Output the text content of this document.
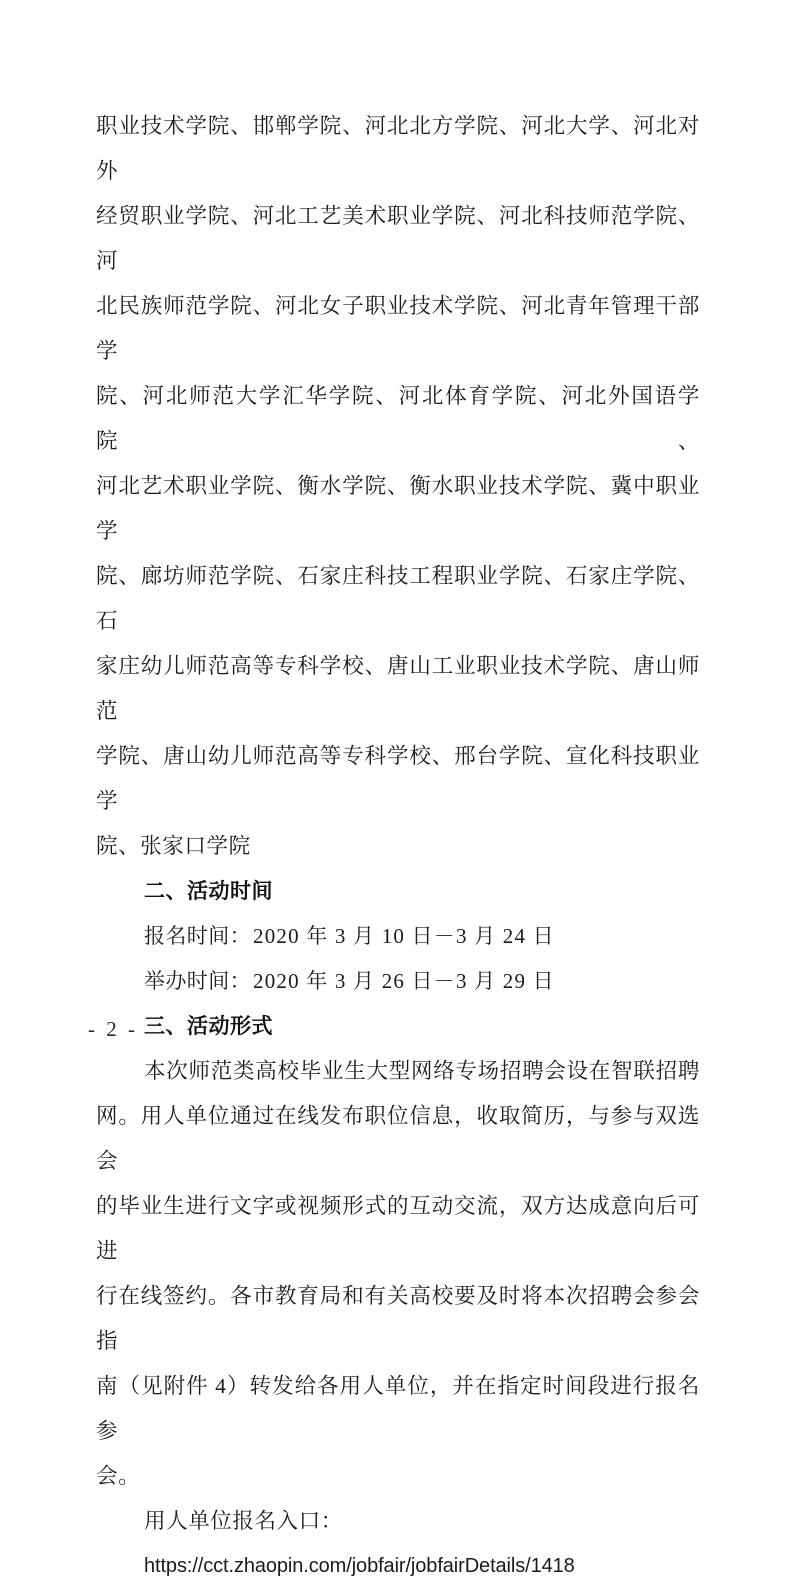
职业技术学院、邯郸学院、河北北方学院、河北大学、河北对外
经贸职业学院、河北工艺美术职业学院、河北科技师范学院、河
北民族师范学院、河北女子职业技术学院、河北青年管理干部学
院、河北师范大学汇华学院、河北体育学院、河北外国语学院、
河北艺术职业学院、衡水学院、衡水职业技术学院、冀中职业学
院、廊坊师范学院、石家庄科技工程职业学院、石家庄学院、石
家庄幼儿师范高等专科学校、唐山工业职业技术学院、唐山师范
学院、唐山幼儿师范高等专科学校、邢台学院、宣化科技职业学
院、张家口学院
二、活动时间

报名时间：2020 年 3 月 10 日－3 月 24 日

举办时间：2020 年 3 月 26 日－3 月 29 日

三、活动形式
本次师范类高校毕业生大型网络专场招聘会设在智联招聘
网。用人单位通过在线发布职位信息，收取简历，与参与双选会
的毕业生进行文字或视频形式的互动交流，双方达成意向后可进
行在线签约。各市教育局和有关高校要及时将本次招聘会参会指
南（见附件 4）转发给各用人单位，并在指定时间段进行报名参
会。

用人单位报名入口：

https://cct.zhaopin.com/jobfair/jobfairDetails/1418

- 2 -
